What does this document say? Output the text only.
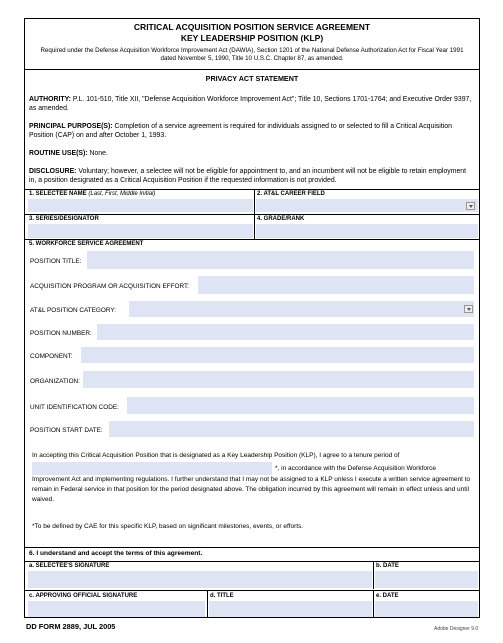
CRITICAL ACQUISITION POSITION SERVICE AGREEMENT
KEY LEADERSHIP POSITION (KLP)
Required under the Defense Acquisition Workforce Improvement Act (DAWIA), Section 1201 of the National Defense Authorization Act for Fiscal Year 1991 dated November 5, 1990, Title 10 U.S.C. Chapter 87, as amended.
PRIVACY ACT STATEMENT
AUTHORITY: P.L. 101-510, Title XII, "Defense Acquisition Workforce Improvement Act"; Title 10, Sections 1701-1764; and Executive Order 9397, as amended.
PRINCIPAL PURPOSE(S): Completion of a service agreement is required for individuals assigned to or selected to fill a Critical Acquisition Position (CAP) on and after October 1, 1993.
ROUTINE USE(S): None.
DISCLOSURE: Voluntary; however, a selectee will not be eligible for appointment to, and an incumbent will not be eligible to retain employment in, a position designated as a Critical Acquisition Position if the requested information is not provided.
1. SELECTEE NAME (Last, First, Middle Initial)	2. AT&L CAREER FIELD
3. SERIES/DESIGNATOR	4. GRADE/RANK
5. WORKFORCE SERVICE AGREEMENT
POSITION TITLE:
ACQUISITION PROGRAM OR ACQUISITION EFFORT:
AT&L POSITION CATEGORY:
POSITION NUMBER:
COMPONENT:
ORGANIZATION:
UNIT IDENTIFICATION CODE:
POSITION START DATE:
In accepting this Critical Acquisition Position that is designated as a Key Leadership Position (KLP), I agree to a tenure period of
*, in accordance with the Defense Acquisition Workforce
Improvement Act and implementing regulations. I further understand that I may not be assigned to a KLP unless I execute a written service agreement to remain in Federal service in that position for the period designated above. The obligation incurred by this agreement will remain in effect unless and until waived.
*To be defined by CAE for this specific KLP, based on significant milestones, events, or efforts.
6. I understand and accept the terms of this agreement.
a. SELECTEE'S SIGNATURE	b. DATE
c. APPROVING OFFICIAL SIGNATURE	d. TITLE	e. DATE
DD FORM 2889, JUL 2005	Adobe Designer 9.0
